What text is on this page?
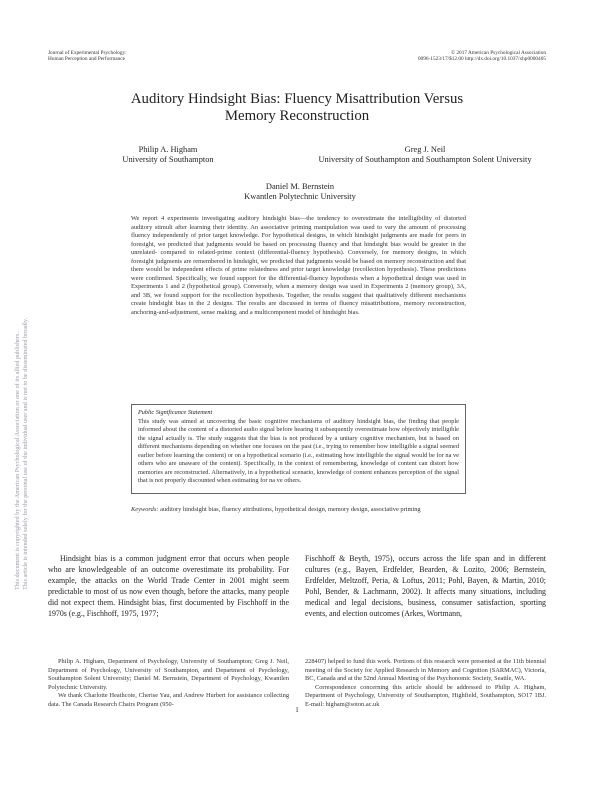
Journal of Experimental Psychology:
Human Perception and Performance
© 2017 American Psychological Association
0096-1523/17/$12.00 http://dx.doi.org/10.1037/xhp0000405
Auditory Hindsight Bias: Fluency Misattribution Versus
Memory Reconstruction
Philip A. Higham
University of Southampton
Greg J. Neil
University of Southampton and Southampton Solent University
Daniel M. Bernstein
Kwantlen Polytechnic University

We report 4 experiments investigating auditory hindsight bias—the tendency to overestimate the intelligibility of distorted auditory stimuli after learning their identity. An associative priming manipulation was used to vary the amount of processing fluency independently of prior target knowledge. For hypothetical designs, in which hindsight judgments are made for peers in foresight, we predicted that judgments would be based on processing fluency and that hindsight bias would be greater in the unrelated- compared to related-prime context (differential-fluency hypothesis). Conversely, for memory designs, in which foresight judgments are remembered in hindsight, we predicted that judgments would be based on memory reconstruction and that there would be independent effects of prime relatedness and prior target knowledge (recollection hypothesis). These predictions were confirmed. Specifically, we found support for the differential-fluency hypothesis when a hypothetical design was used in Experiments 1 and 2 (hypothetical group). Conversely, when a memory design was used in Experiments 2 (memory group), 3A, and 3B, we found support for the recollection hypothesis. Together, the results suggest that qualitatively different mechanisms create hindsight bias in the 2 designs. The results are discussed in terms of fluency misattributions, memory reconstruction, anchoring-and-adjustment, sense making, and a multicomponent model of hindsight bias.

Public Significance Statement

This study was aimed at uncovering the basic cognitive mechanisms of auditory hindsight bias, the finding that people informed about the content of a distorted audio signal before hearing it subsequently overestimate how objectively intelligible the signal actually is. The study suggests that the bias is not produced by a unitary cognitive mechanism, but is based on different mechanisms depending on whether one focuses on the past (i.e., trying to remember how intelligible a signal seemed earlier before learning the content) or on a hypothetical scenario (i.e., estimating how intelligible the signal would be for na ve others who are unaware of the content). Specifically, in the context of remembering, knowledge of content can distort how memories are reconstructed. Alternatively, in a hypothetical scenario, knowledge of content enhances perception of the signal that is not properly discounted when estimating for na ve others.

Keywords: auditory hindsight bias, fluency attributions, hypothetical design, memory design, associative priming

Hindsight bias is a common judgment error that occurs when people who are knowledgeable of an outcome overestimate its probability. For example, the attacks on the World Trade Center in 2001 might seem predictable to most of us now even though, before the attacks, many people did not expect them. Hindsight bias, first documented by Fischhoff in the 1970s (e.g., Fischhoff, 1975, 1977;

Fischhoff & Beyth, 1975), occurs across the life span and in different cultures (e.g., Bayen, Erdfelder, Bearden, & Lozito, 2006; Bernstein, Erdfelder, Meltzoff, Peria, & Loftus, 2011; Pohl, Bayen, & Martin, 2010; Pohl, Bender, & Lachmann, 2002). It affects many situations, including medical and legal decisions, business, consumer satisfaction, sporting events, and election outcomes (Arkes, Wortmann,

Philip A. Higham, Department of Psychology, University of Southampton; Greg J. Neil, Department of Psychology, University of Southampton, and Department of Psychology, Southampton Solent University; Daniel M. Bernstein, Department of Psychology, Kwantlen Polytechnic University.

We thank Charlotte Heathcote, Cherise Yau, and Andrew Hurbert for assistance collecting data. The Canada Research Chairs Program (950-

228407) helped to fund this work. Portions of this research were presented at the 11th biennial meeting of the Society for Applied Research in Memory and Cognition (SARMAC), Victoria, BC, Canada and at the 52nd Annual Meeting of the Psychonomic Society, Seattle, WA.

Correspondence concerning this article should be addressed to Philip A. Higham, Department of Psychology, University of Southampton, Highfield, Southampton, SO17 1BJ. E-mail: higham@soton.ac.uk

1
This document is copyrighted by the American Psychological Association or one of its allied publishers. This article is intended solely for the personal use of the individual user and is not to be disseminated broadly.
